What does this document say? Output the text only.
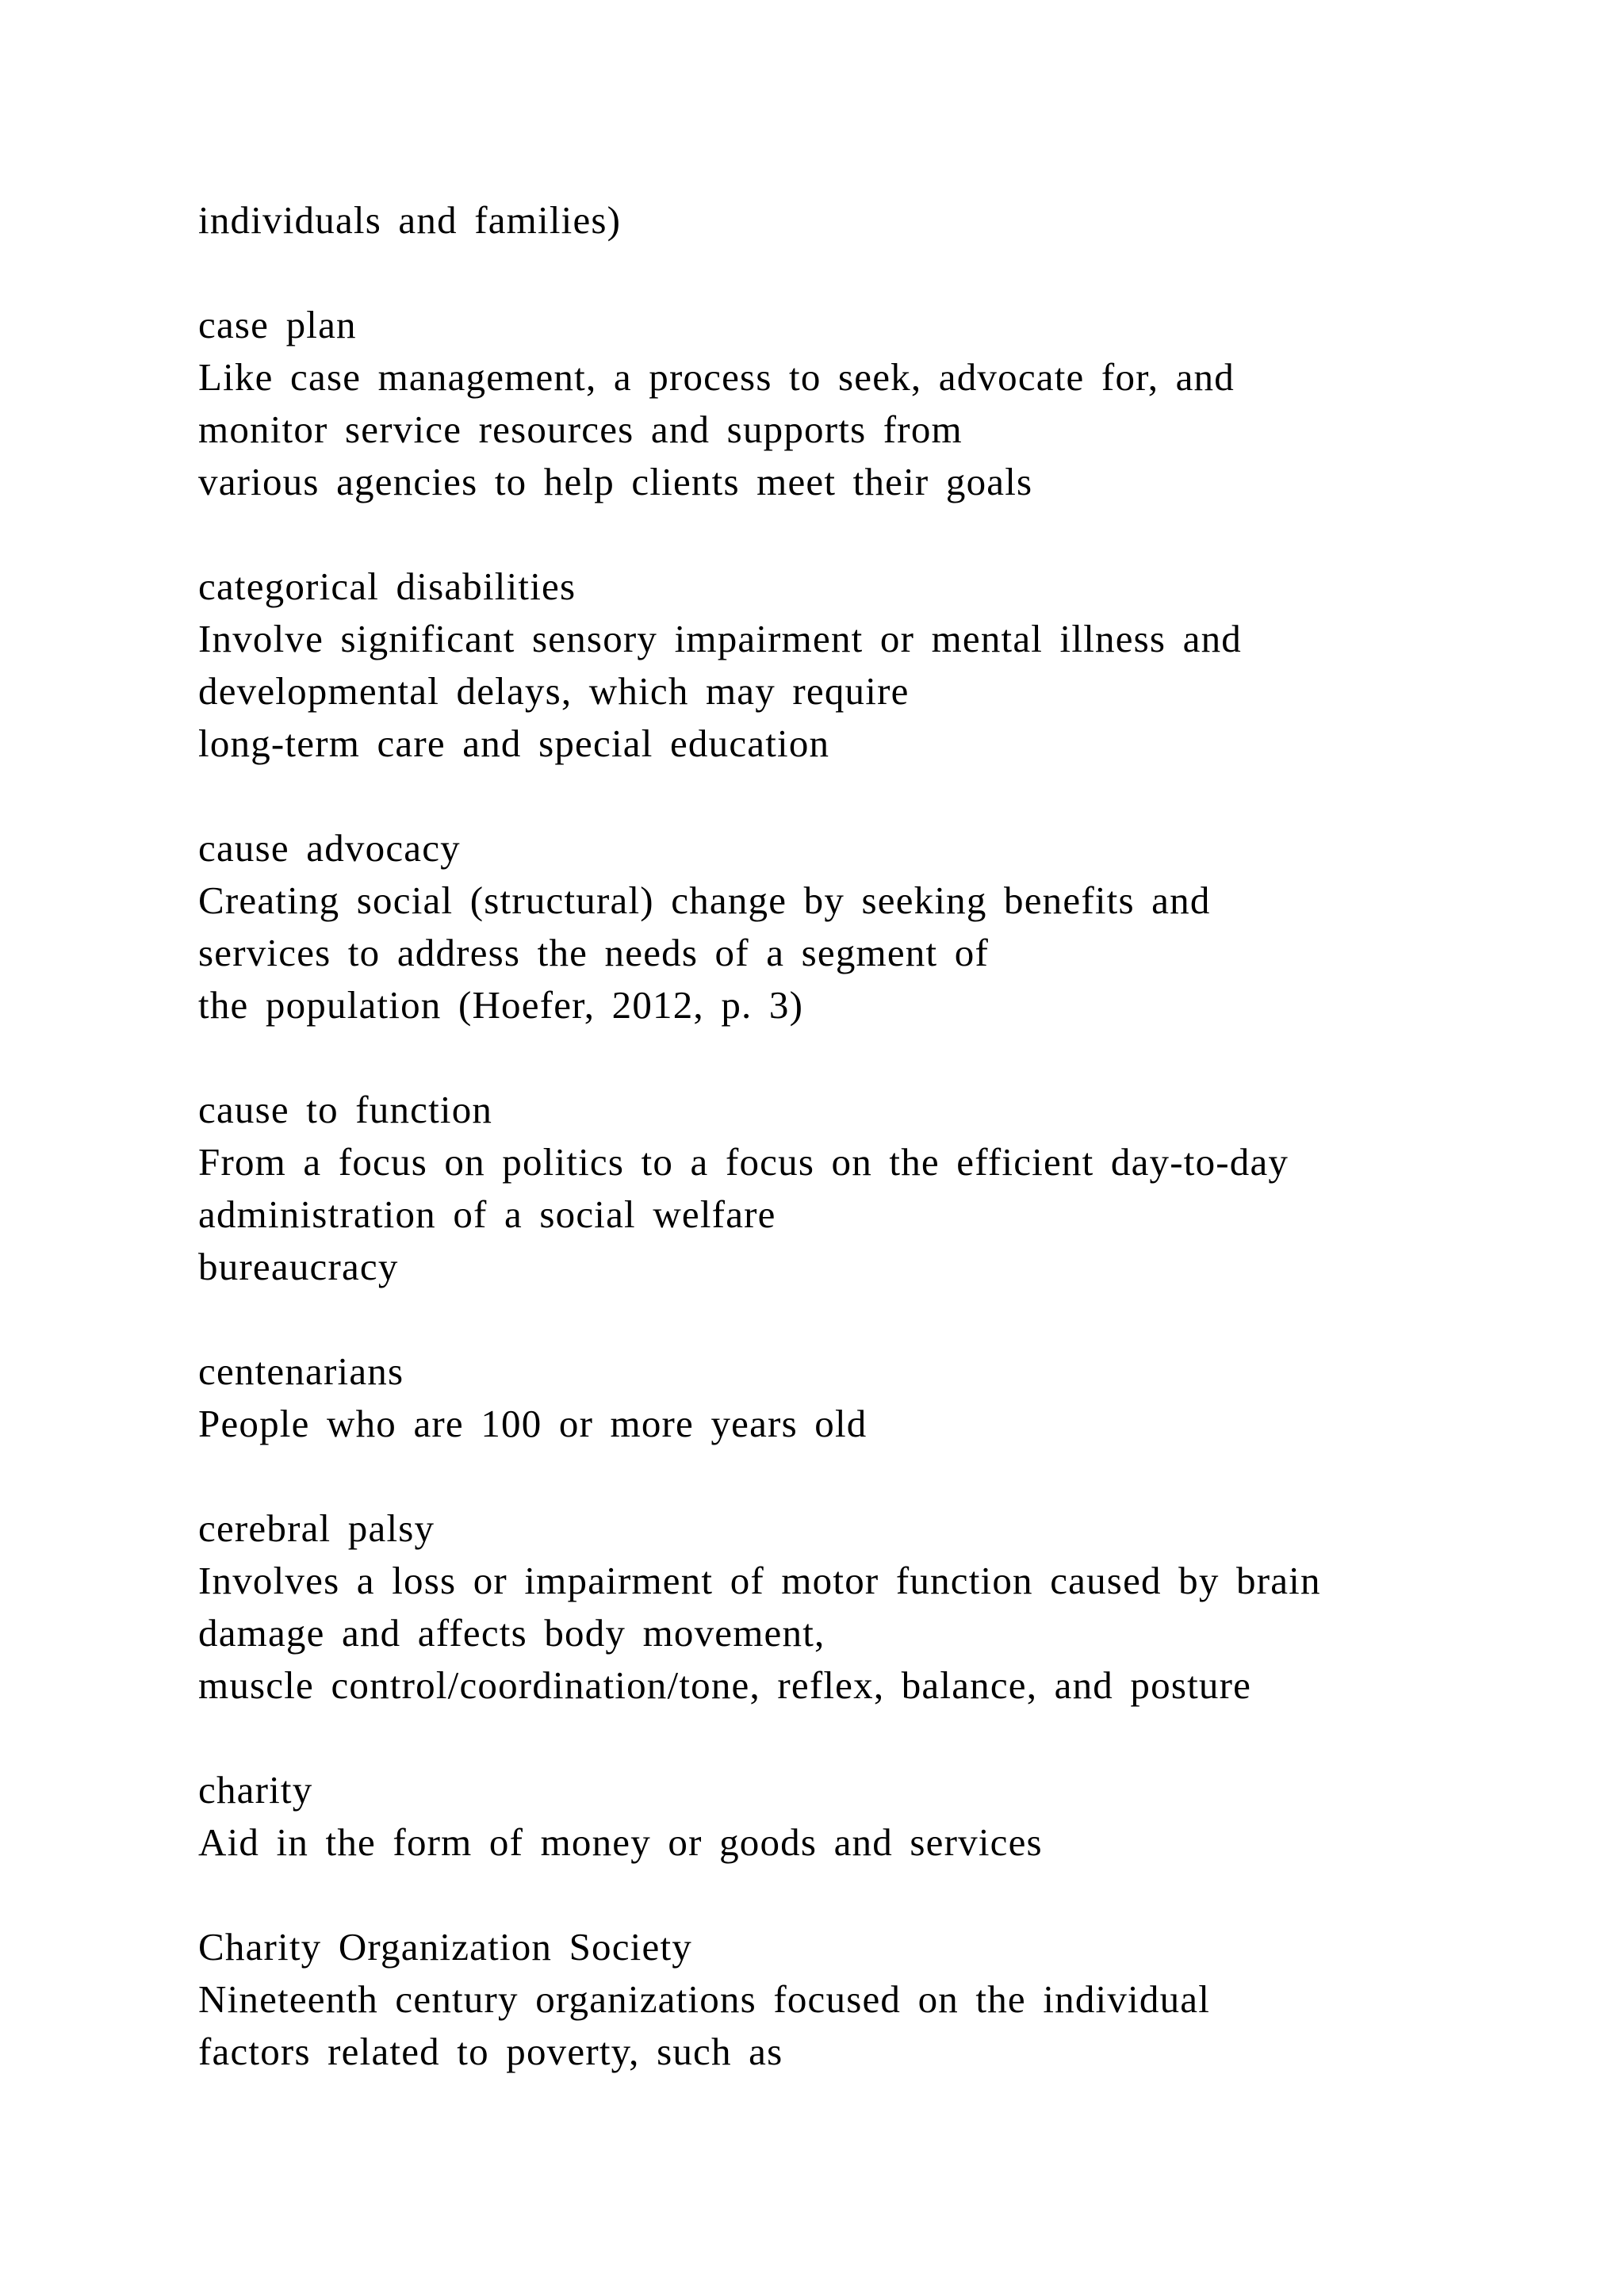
individuals and families)
case plan
Like case management, a process to seek, advocate for, and
monitor service resources and supports from
various agencies to help clients meet their goals
categorical disabilities
Involve significant sensory impairment or mental illness and
developmental delays, which may require
long-term care and special education
cause advocacy
Creating social (structural) change by seeking benefits and
services to address the needs of a segment of
the population (Hoefer, 2012, p. 3)
cause to function
From a focus on politics to a focus on the efficient day-to-day
administration of a social welfare
bureaucracy
centenarians
People who are 100 or more years old
cerebral palsy
Involves a loss or impairment of motor function caused by brain
damage and affects body movement,
muscle control/coordination/tone, reflex, balance, and posture
charity
Aid in the form of money or goods and services
Charity Organization Society
Nineteenth century organizations focused on the individual
factors related to poverty, such as
